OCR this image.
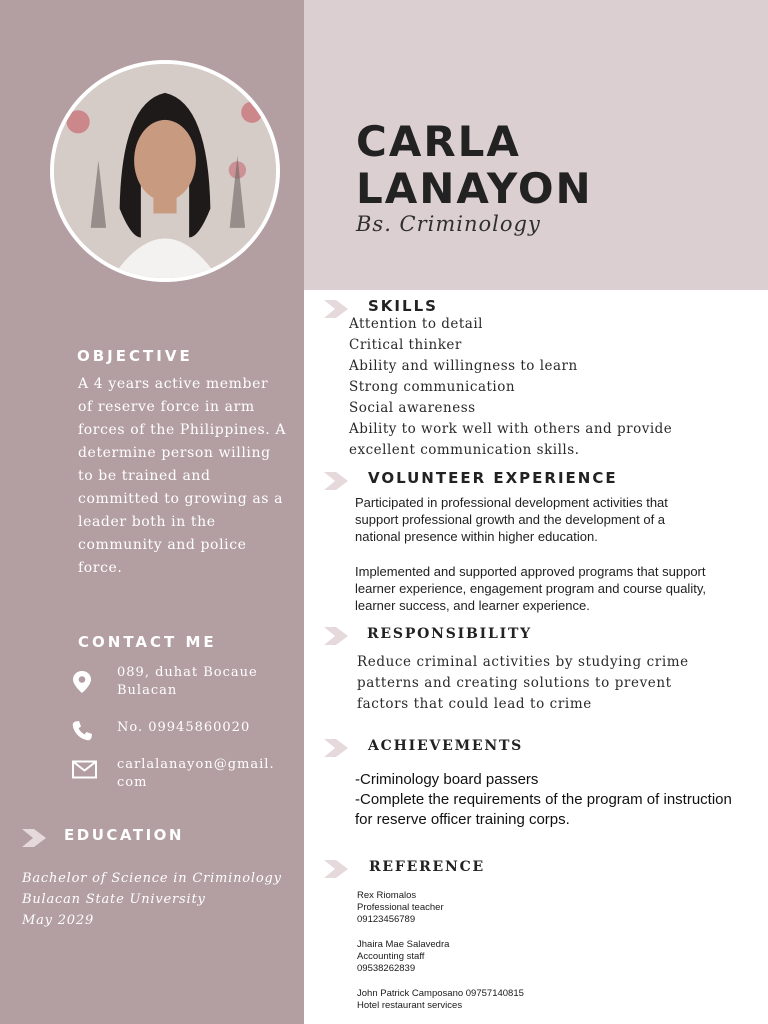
CARLA
LANAYON
Bs. Criminology
OBJECTIVE
A 4 years active member of reserve force in arm forces of the Philippines. A determine person willing to be trained and committed to growing as a leader both in the community and police force.
CONTACT ME
089, duhat Bocaue Bulacan
No. 09945860020
carlalanayon@gmail.
com
EDUCATION
Bachelor of Science in Criminology
Bulacan State University
May 2029
SKILLS
Attention to detail
Critical thinker
Ability and willingness to learn
Strong communication
Social awareness
Ability to work well with others and provide
excellent communication skills.
VOLUNTEER EXPERIENCE
Participated in professional development activities that support professional growth and the development of a national presence within higher education.
Implemented and supported approved programs that support learner experience, engagement program and course quality, learner success, and learner experience.
RESPONSIBILITY
Reduce criminal activities by studying crime patterns and creating solutions to prevent factors that could lead to crime
ACHIEVEMENTS
-Criminology board passers
-Complete the requirements of the program of instruction for reserve officer training corps.
REFERENCE
Rex Riomalos
Professional teacher
09123456789
Jhaira Mae Salavedra
Accounting staff
09538262839
John Patrick Camposano 09757140815
Hotel restaurant services
